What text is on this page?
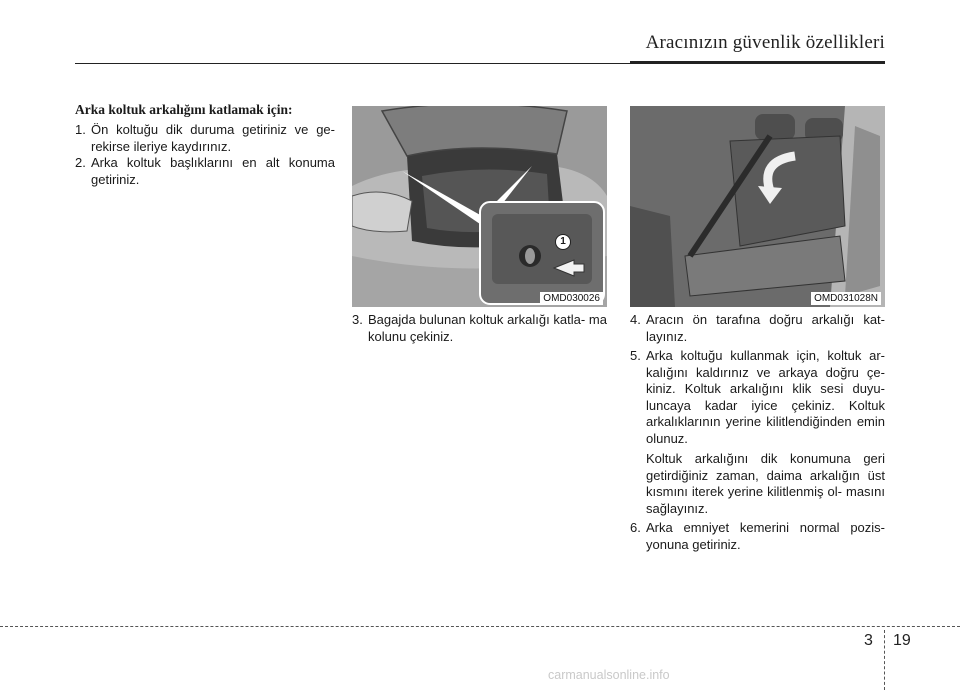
Aracınızın güvenlik özellikleri

Arka koltuk arkalığını katlamak için:

1. Ön koltuğu dik duruma getiriniz ve ge- rekirse ileriye kaydırınız.

2. Arka koltuk başlıklarını en alt konuma getiriniz.

1
OMD030026	OMD031028N

3. Bagajda bulunan koltuk arkalığı katla- ma kolunu çekiniz.

4. Aracın ön tarafına doğru arkalığı kat- layınız.

5. Arka koltuğu kullanmak için, koltuk ar- kalığını kaldırınız ve arkaya doğru çe- kiniz. Koltuk arkalığını klik sesi duyu- luncaya kadar iyice çekiniz. Koltuk arkalıklarının yerine kilitlendiğinden emin olunuz.

Koltuk arkalığını dik konumuna geri getirdiğiniz zaman, daima arkalığın üst kısmını iterek yerine kilitlenmiş ol- masını sağlayınız.

6. Arka emniyet kemerini normal pozis- yonuna getiriniz.

3 19
carmanualsonline.info
